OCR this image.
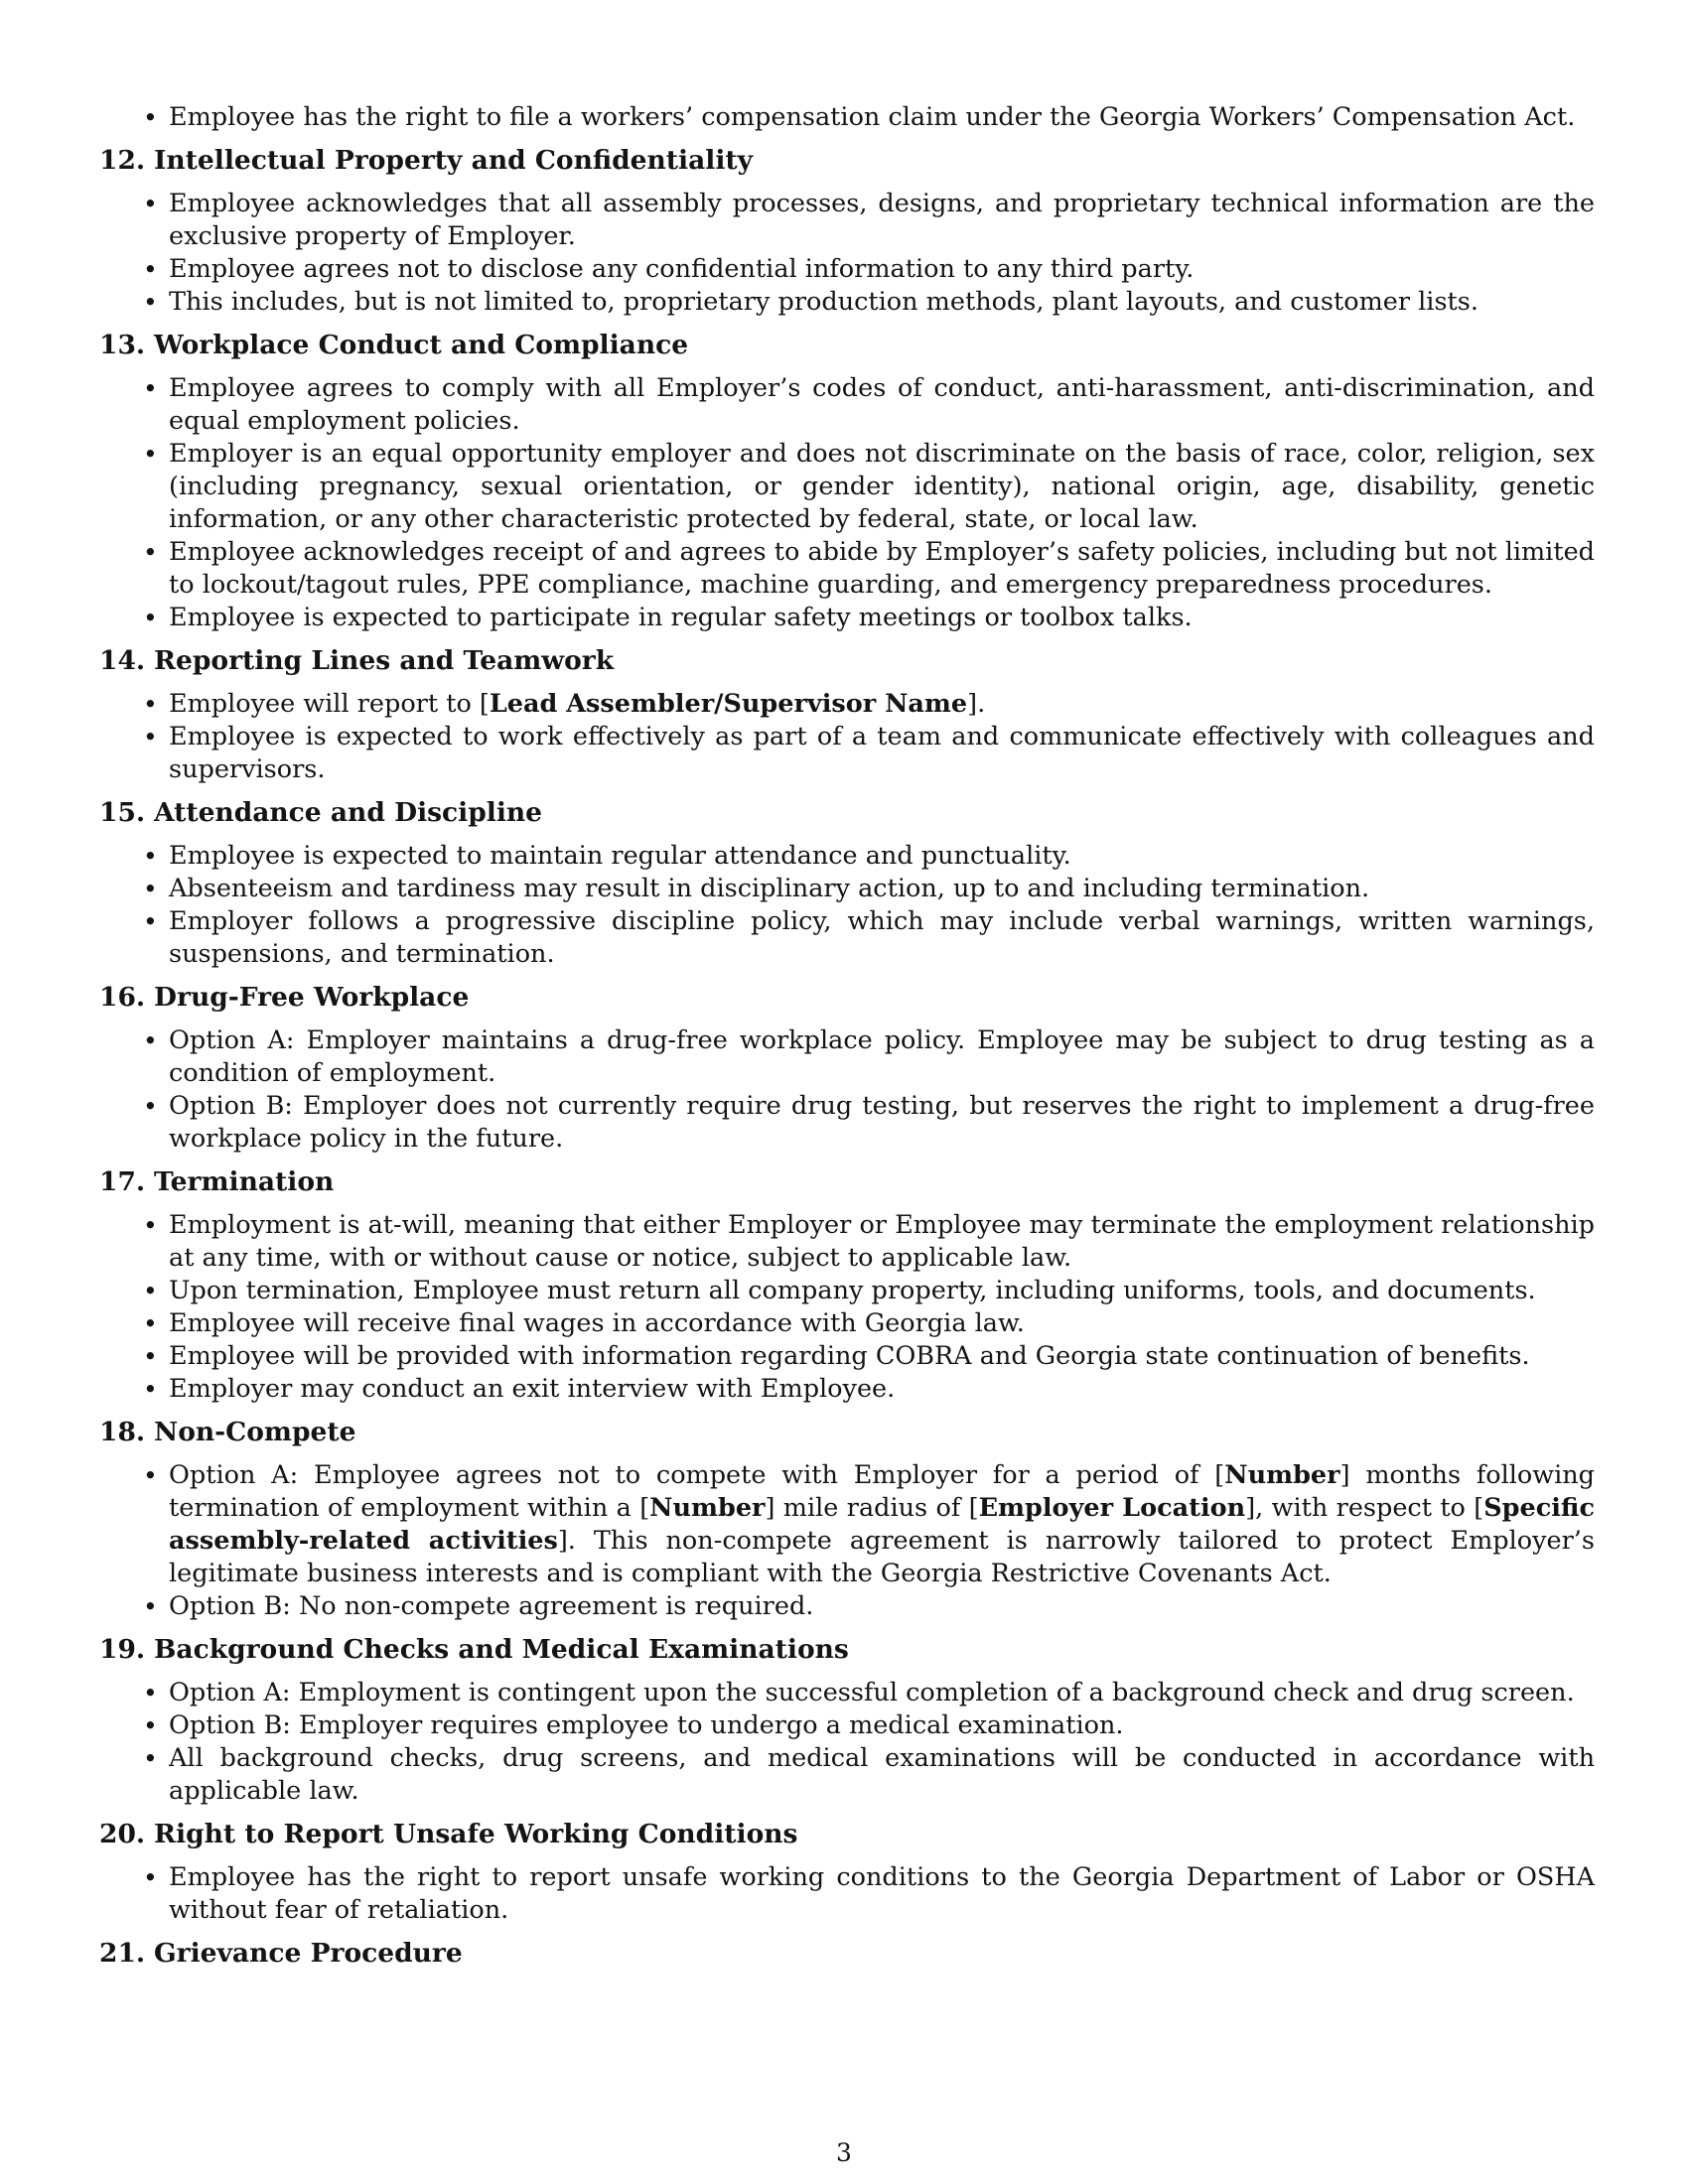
• Employee has the right to file a workers’ compensation claim under the Georgia Workers’ Compensation Act.
12. Intellectual Property and Confidentiality
• Employee acknowledges that all assembly processes, designs, and proprietary technical information are the exclusive property of Employer.
• Employee agrees not to disclose any confidential information to any third party.
• This includes, but is not limited to, proprietary production methods, plant layouts, and customer lists.
13. Workplace Conduct and Compliance
• Employee agrees to comply with all Employer’s codes of conduct, anti-harassment, anti-discrimination, and equal employment policies.
• Employer is an equal opportunity employer and does not discriminate on the basis of race, color, religion, sex (including pregnancy, sexual orientation, or gender identity), national origin, age, disability, genetic information, or any other characteristic protected by federal, state, or local law.
• Employee acknowledges receipt of and agrees to abide by Employer’s safety policies, including but not limited to lockout/tagout rules, PPE compliance, machine guarding, and emergency preparedness procedures.
• Employee is expected to participate in regular safety meetings or toolbox talks.
14. Reporting Lines and Teamwork
• Employee will report to [Lead Assembler/Supervisor Name].
• Employee is expected to work effectively as part of a team and communicate effectively with colleagues and supervisors.
15. Attendance and Discipline
• Employee is expected to maintain regular attendance and punctuality.
• Absenteeism and tardiness may result in disciplinary action, up to and including termination.
• Employer follows a progressive discipline policy, which may include verbal warnings, written warnings, suspensions, and termination.
16. Drug-Free Workplace
• Option A: Employer maintains a drug-free workplace policy. Employee may be subject to drug testing as a condition of employment.
• Option B: Employer does not currently require drug testing, but reserves the right to implement a drug-free workplace policy in the future.
17. Termination
• Employment is at-will, meaning that either Employer or Employee may terminate the employment relationship at any time, with or without cause or notice, subject to applicable law.
• Upon termination, Employee must return all company property, including uniforms, tools, and documents.
• Employee will receive final wages in accordance with Georgia law.
• Employee will be provided with information regarding COBRA and Georgia state continuation of benefits.
• Employer may conduct an exit interview with Employee.
18. Non-Compete
• Option A: Employee agrees not to compete with Employer for a period of [Number] months following termination of employment within a [Number] mile radius of [Employer Location], with respect to [Specific assembly-related activities]. This non-compete agreement is narrowly tailored to protect Employer’s legitimate business interests and is compliant with the Georgia Restrictive Covenants Act.
• Option B: No non-compete agreement is required.
19. Background Checks and Medical Examinations
• Option A: Employment is contingent upon the successful completion of a background check and drug screen.
• Option B: Employer requires employee to undergo a medical examination.
• All background checks, drug screens, and medical examinations will be conducted in accordance with applicable law.
20. Right to Report Unsafe Working Conditions
• Employee has the right to report unsafe working conditions to the Georgia Department of Labor or OSHA without fear of retaliation.
21. Grievance Procedure
3
